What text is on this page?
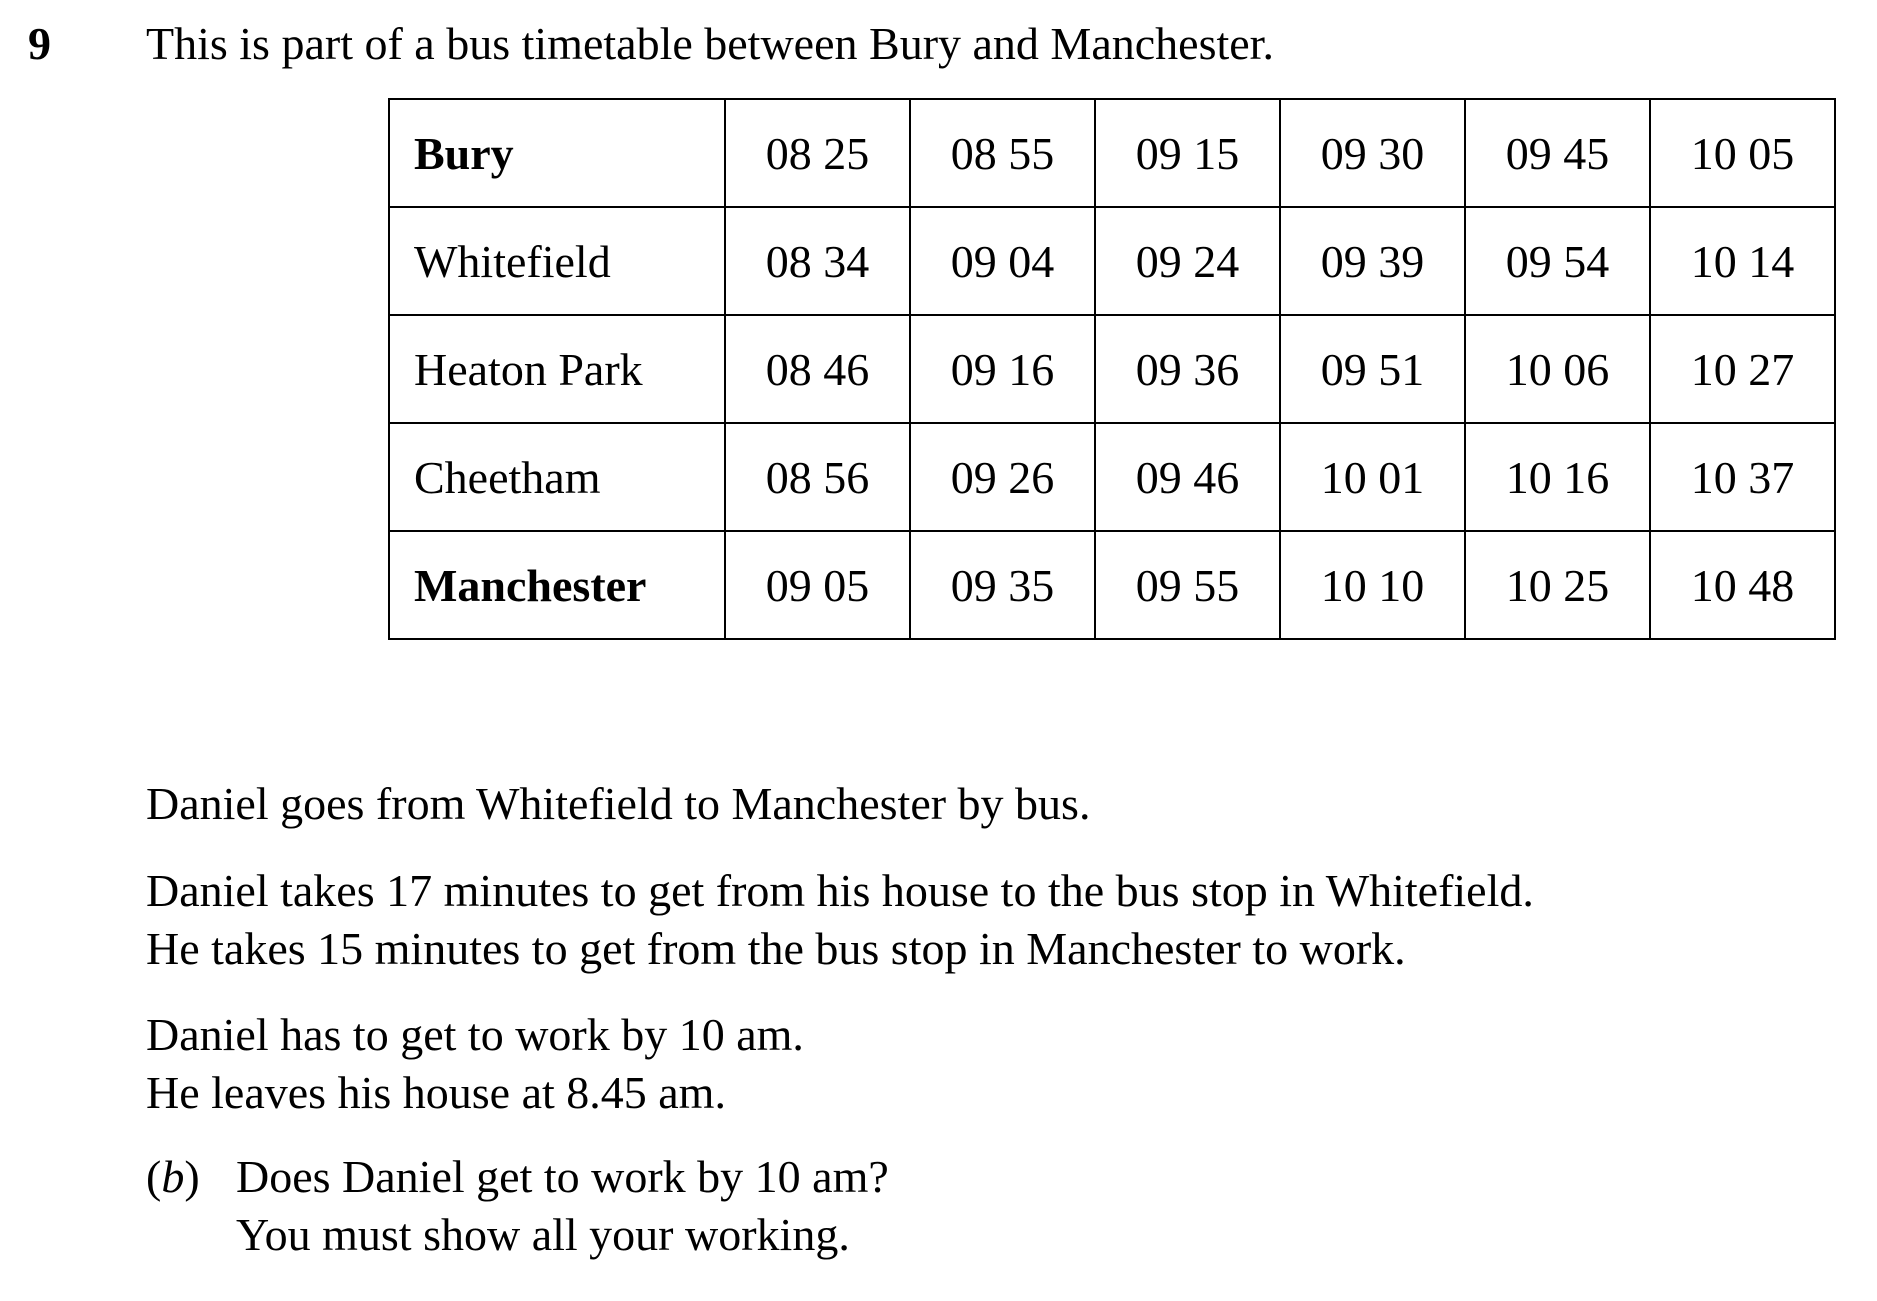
9 This is part of a bus timetable between Bury and Manchester.
Bury	08 25	08 55	09 15	09 30	09 45	10 05
Whitefield	08 34	09 04	09 24	09 39	09 54	10 14
Heaton Park	08 46	09 16	09 36	09 51	10 06	10 27
Cheetham	08 56	09 26	09 46	10 01	10 16	10 37
Manchester	09 05	09 35	09 55	10 10	10 25	10 48
Daniel goes from Whitefield to Manchester by bus.
Daniel takes 17 minutes to get from his house to the bus stop in Whitefield.
He takes 15 minutes to get from the bus stop in Manchester to work.
Daniel has to get to work by 10 am.
He leaves his house at 8.45 am.
(b) Does Daniel get to work by 10 am?
You must show all your working.
